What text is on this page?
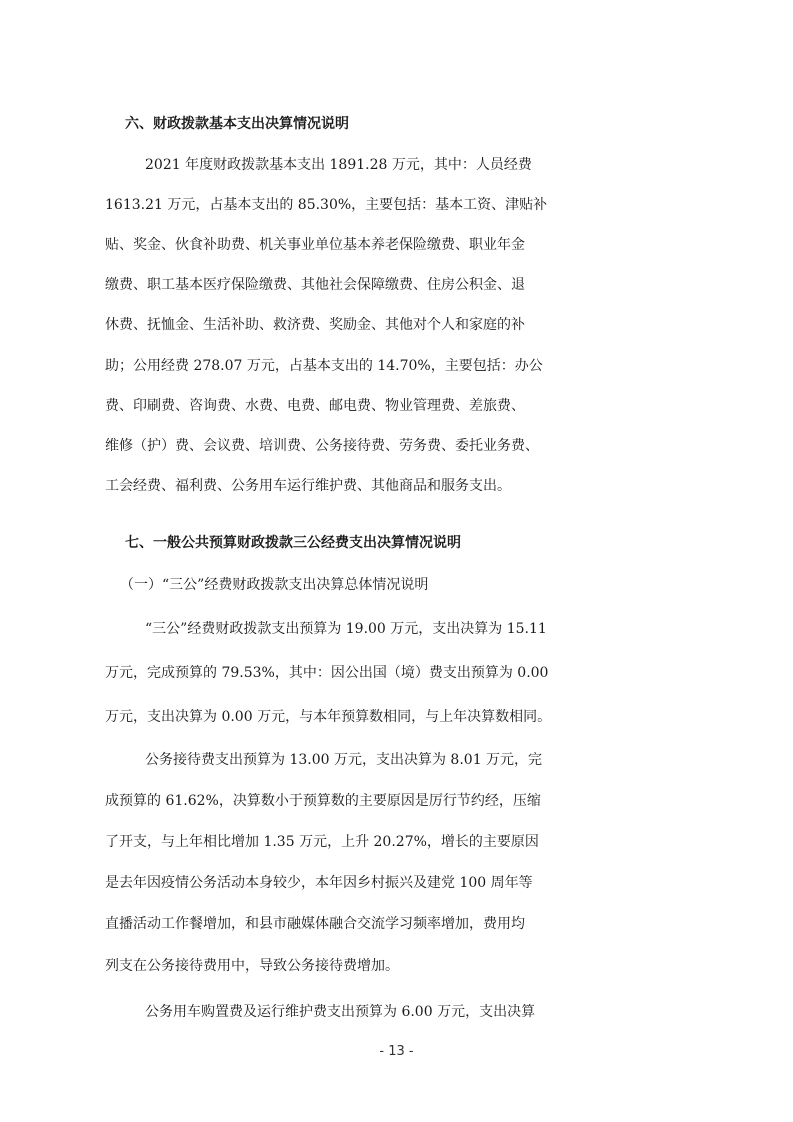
六、财政拨款基本支出决算情况说明
2021 年度财政拨款基本支出 1891.28 万元，其中：人员经费
1613.21 万元，占基本支出的 85.30%，主要包括：基本工资、津贴补
贴、奖金、伙食补助费、机关事业单位基本养老保险缴费、职业年金
缴费、职工基本医疗保险缴费、其他社会保障缴费、住房公积金、退
休费、抚恤金、生活补助、救济费、奖励金、其他对个人和家庭的补
助；公用经费 278.07 万元，占基本支出的 14.70%，主要包括：办公
费、印刷费、咨询费、水费、电费、邮电费、物业管理费、差旅费、
维修（护）费、会议费、培训费、公务接待费、劳务费、委托业务费、
工会经费、福利费、公务用车运行维护费、其他商品和服务支出。
七、一般公共预算财政拨款三公经费支出决算情况说明
（一）“三公”经费财政拨款支出决算总体情况说明
“三公”经费财政拨款支出预算为 19.00 万元，支出决算为 15.11
万元，完成预算的 79.53%，其中：因公出国（境）费支出预算为 0.00
万元，支出决算为 0.00 万元，与本年预算数相同，与上年决算数相同。
公务接待费支出预算为 13.00 万元，支出决算为 8.01 万元，完
成预算的 61.62%，决算数小于预算数的主要原因是厉行节约经，压缩
了开支，与上年相比增加 1.35 万元，上升 20.27%，增长的主要原因
是去年因疫情公务活动本身较少，本年因乡村振兴及建党 100 周年等
直播活动工作餐增加，和县市融媒体融合交流学习频率增加，费用均
列支在公务接待费用中，导致公务接待费增加。
公务用车购置费及运行维护费支出预算为 6.00 万元，支出决算
- 13 -
